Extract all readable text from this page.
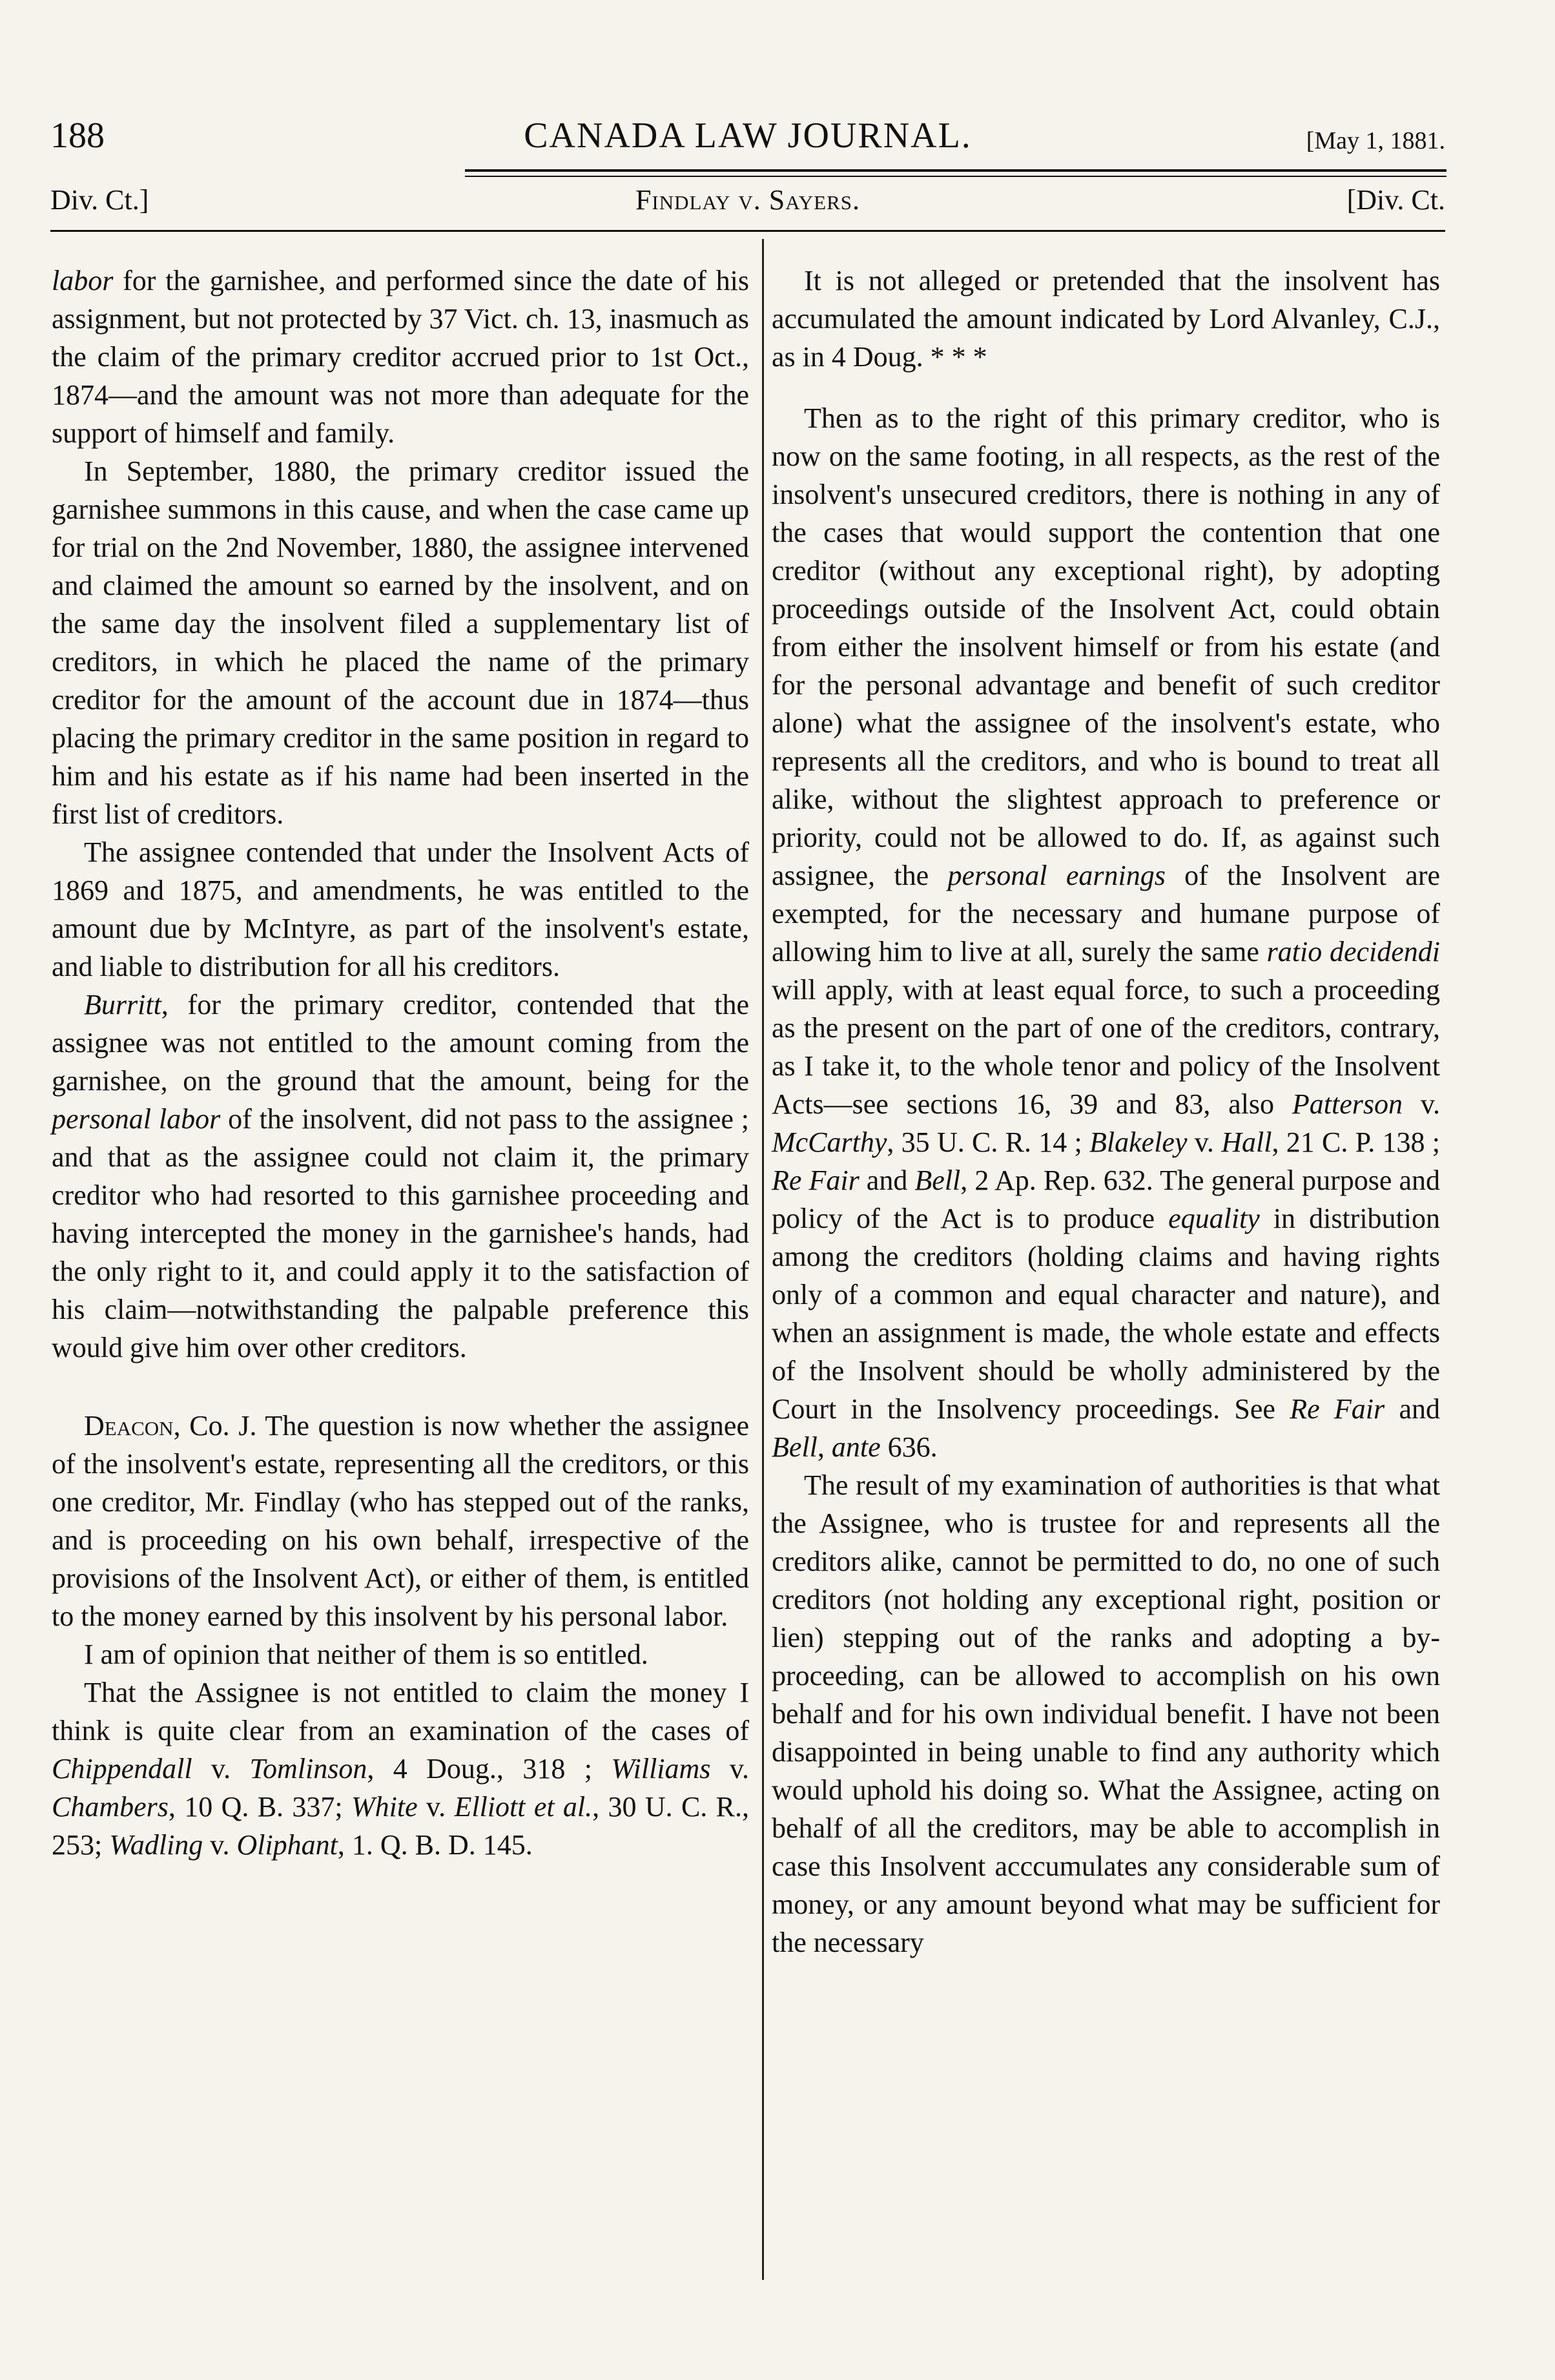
188	CANADA LAW JOURNAL.	[May 1, 1881.
Div. Ct.]	Findlay v. Sayers.	[Div. Ct.

labor for the garnishee, and performed since the date of his assignment, but not protected by 37 Vict. ch. 13, inasmuch as the claim of the primary creditor accrued prior to 1st Oct., 1874—and the amount was not more than adequate for the support of himself and family.

In September, 1880, the primary creditor issued the garnishee summons in this cause, and when the case came up for trial on the 2nd November, 1880, the assignee intervened and claimed the amount so earned by the insolvent, and on the same day the insolvent filed a supplementary list of creditors, in which he placed the name of the primary creditor for the amount of the account due in 1874—thus placing the primary creditor in the same position in regard to him and his estate as if his name had been inserted in the first list of creditors.

The assignee contended that under the Insolvent Acts of 1869 and 1875, and amendments, he was entitled to the amount due by McIntyre, as part of the insolvent's estate, and liable to distribution for all his creditors.

Burritt, for the primary creditor, contended that the assignee was not entitled to the amount coming from the garnishee, on the ground that the amount, being for the personal labor of the insolvent, did not pass to the assignee ; and that as the assignee could not claim it, the primary creditor who had resorted to this garnishee proceeding and having intercepted the money in the garnishee's hands, had the only right to it, and could apply it to the satisfaction of his claim—notwithstanding the palpable preference this would give him over other creditors.

Deacon, Co. J. The question is now whether the assignee of the insolvent's estate, representing all the creditors, or this one creditor, Mr. Findlay (who has stepped out of the ranks, and is proceeding on his own behalf, irrespective of the provisions of the Insolvent Act), or either of them, is entitled to the money earned by this insolvent by his personal labor.

I am of opinion that neither of them is so entitled.

That the Assignee is not entitled to claim the money I think is quite clear from an examination of the cases of Chippendall v. Tomlinson, 4 Doug., 318 ; Williams v. Chambers, 10 Q. B. 337; White v. Elliott et al., 30 U. C. R., 253; Wadling v. Oliphant, 1. Q. B. D. 145.

It is not alleged or pretended that the insolvent has accumulated the amount indicated by Lord Alvanley, C.J., as in 4 Doug. * * *

Then as to the right of this primary creditor, who is now on the same footing, in all respects, as the rest of the insolvent's unsecured creditors, there is nothing in any of the cases that would support the contention that one creditor (without any exceptional right), by adopting proceedings outside of the Insolvent Act, could obtain from either the insolvent himself or from his estate (and for the personal advantage and benefit of such creditor alone) what the assignee of the insolvent's estate, who represents all the creditors, and who is bound to treat all alike, without the slightest approach to preference or priority, could not be allowed to do. If, as against such assignee, the personal earnings of the Insolvent are exempted, for the necessary and humane purpose of allowing him to live at all, surely the same ratio decidendi will apply, with at least equal force, to such a proceeding as the present on the part of one of the creditors, contrary, as I take it, to the whole tenor and policy of the Insolvent Acts—see sections 16, 39 and 83, also Patterson v. McCarthy, 35 U. C. R. 14 ; Blakeley v. Hall, 21 C. P. 138 ; Re Fair and Bell, 2 Ap. Rep. 632. The general purpose and policy of the Act is to produce equality in distribution among the creditors (holding claims and having rights only of a common and equal character and nature), and when an assignment is made, the whole estate and effects of the Insolvent should be wholly administered by the Court in the Insolvency proceedings. See Re Fair and Bell, ante 636.

The result of my examination of authorities is that what the Assignee, who is trustee for and represents all the creditors alike, cannot be permitted to do, no one of such creditors (not holding any exceptional right, position or lien) stepping out of the ranks and adopting a by-proceeding, can be allowed to accomplish on his own behalf and for his own individual benefit. I have not been disappointed in being unable to find any authority which would uphold his doing so. What the Assignee, acting on behalf of all the creditors, may be able to accomplish in case this Insolvent acccumulates any considerable sum of money, or any amount beyond what may be sufficient for the necessary
